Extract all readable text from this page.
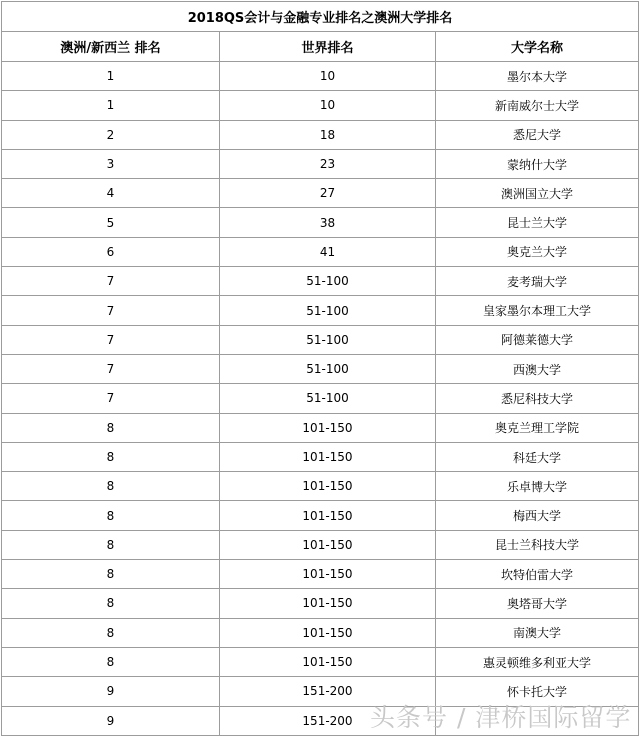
2018QS会计与金融专业排名之澳洲大学排名		
澳洲/新西兰 排名	世界排名	大学名称
1	10	墨尔本大学
1	10	新南威尔士大学
2	18	悉尼大学
3	23	蒙纳什大学
4	27	澳洲国立大学
5	38	昆士兰大学
6	41	奥克兰大学
7	51-100	麦考瑞大学
7	51-100	皇家墨尔本理工大学
7	51-100	阿德莱德大学
7	51-100	西澳大学
7	51-100	悉尼科技大学
8	101-150	奥克兰理工学院
8	101-150	科廷大学
8	101-150	乐卓博大学
8	101-150	梅西大学
8	101-150	昆士兰科技大学
8	101-150	坎特伯雷大学
8	101-150	奥塔哥大学
8	101-150	南澳大学
8	101-150	惠灵顿维多利亚大学
9	151-200	怀卡托大学
9	151-200	头条号 / 津桥国际留学
